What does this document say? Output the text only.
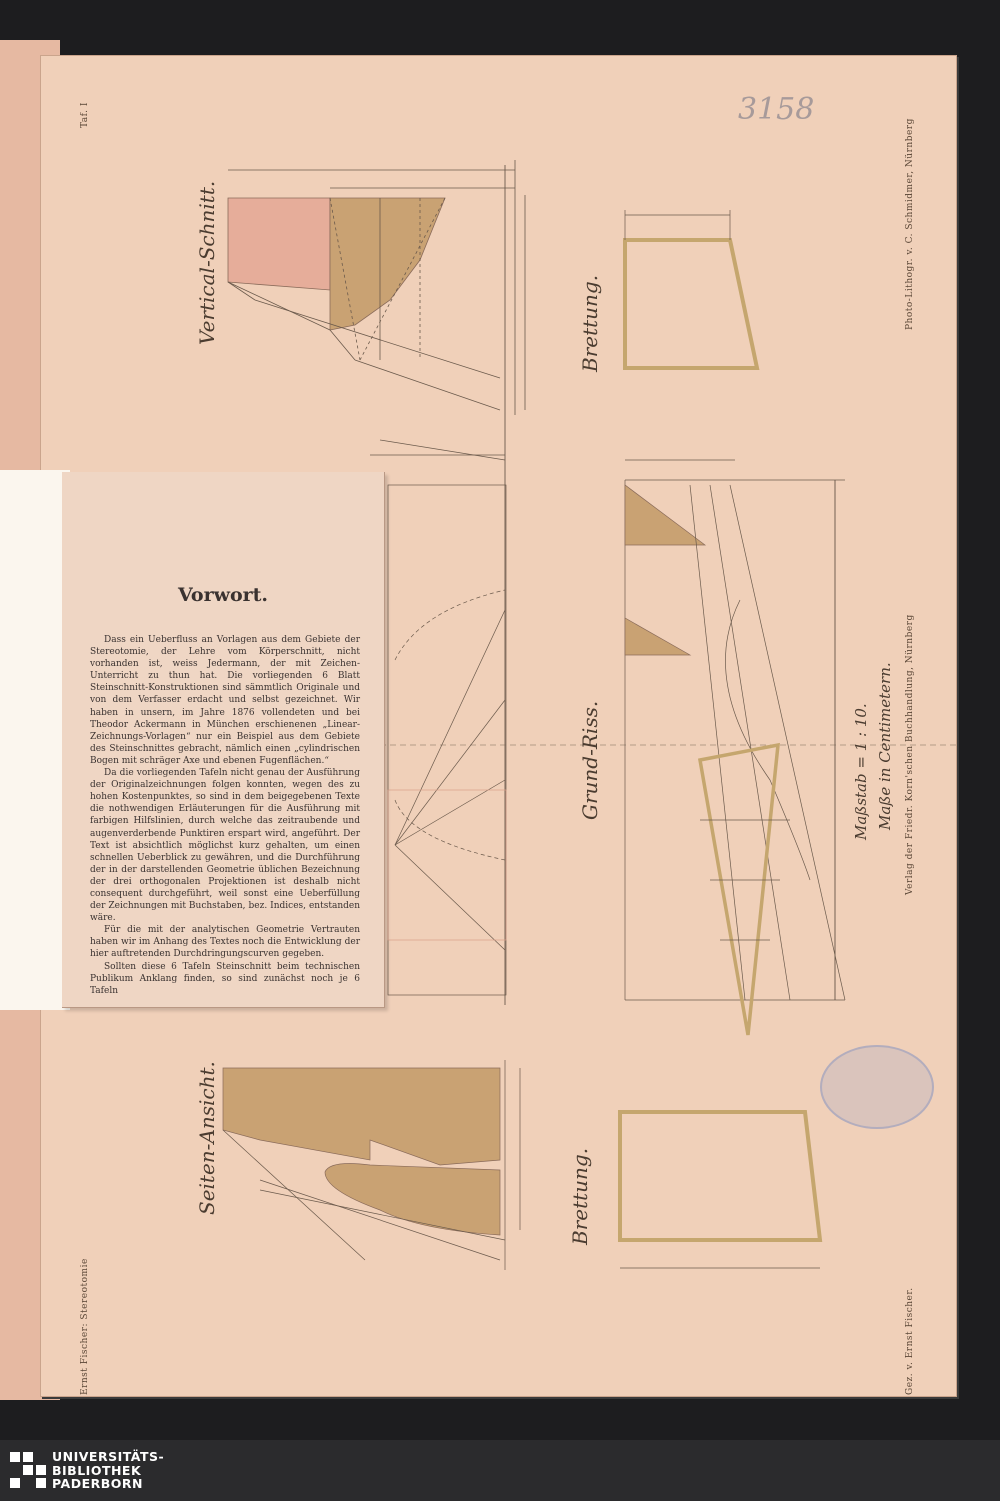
3158
Taf. I
Ernst Fischer: Stereotomie	Gez. v. Ernst Fischer.
Photo-Lithogr. v. C. Schmidmer, Nürnberg
Verlag der Friedr. Korn'schen Buchhandlung, Nürnberg
Vertical-Schnitt.
Grund-Riss.
Seiten-Ansicht.
Brettung.
Brettung.
Maßstab = 1 : 10. Maße in Centimetern.
Vorwort.

Dass ein Ueberfluss an Vorlagen aus dem Gebiete der Stereotomie, der Lehre vom Körperschnitt, nicht vorhanden ist, weiss Jedermann, der mit Zeichen-Unterricht zu thun hat. Die vorliegenden 6 Blatt Steinschnitt-Konstruktionen sind sämmtlich Originale und von dem Verfasser erdacht und selbst gezeichnet. Wir haben in unsern, im Jahre 1876 vollendeten und bei Theodor Ackermann in München erschienenen „Linear-Zeichnungs-Vorlagen“ nur ein Beispiel aus dem Gebiete des Steinschnittes gebracht, nämlich einen „cylindrischen Bogen mit schräger Axe und ebenen Fugenflächen.“

Da die vorliegenden Tafeln nicht genau der Ausführung der Originalzeichnungen folgen konnten, wegen des zu hohen Kostenpunktes, so sind in dem beigegebenen Texte die nothwendigen Erläuterungen für die Ausführung mit farbigen Hilfslinien, durch welche das zeitraubende und augenverderbende Punktiren erspart wird, angeführt. Der Text ist absichtlich möglichst kurz gehalten, um einen schnellen Ueberblick zu gewähren, und die Durchführung der in der darstellenden Geometrie üblichen Bezeichnung der drei orthogonalen Projektionen ist deshalb nicht consequent durchgeführt, weil sonst eine Ueberfüllung der Zeichnungen mit Buchstaben, bez. Indices, entstanden wäre.

Für die mit der analytischen Geometrie Vertrauten haben wir im Anhang des Textes noch die Entwicklung der hier auftretenden Durchdringungscurven gegeben.

Sollten diese 6 Tafeln Steinschnitt beim technischen Publikum Anklang finden, so sind zunächst noch je 6 Tafeln

UNIVERSITÄTS-
BIBLIOTHEK
PADERBORN
